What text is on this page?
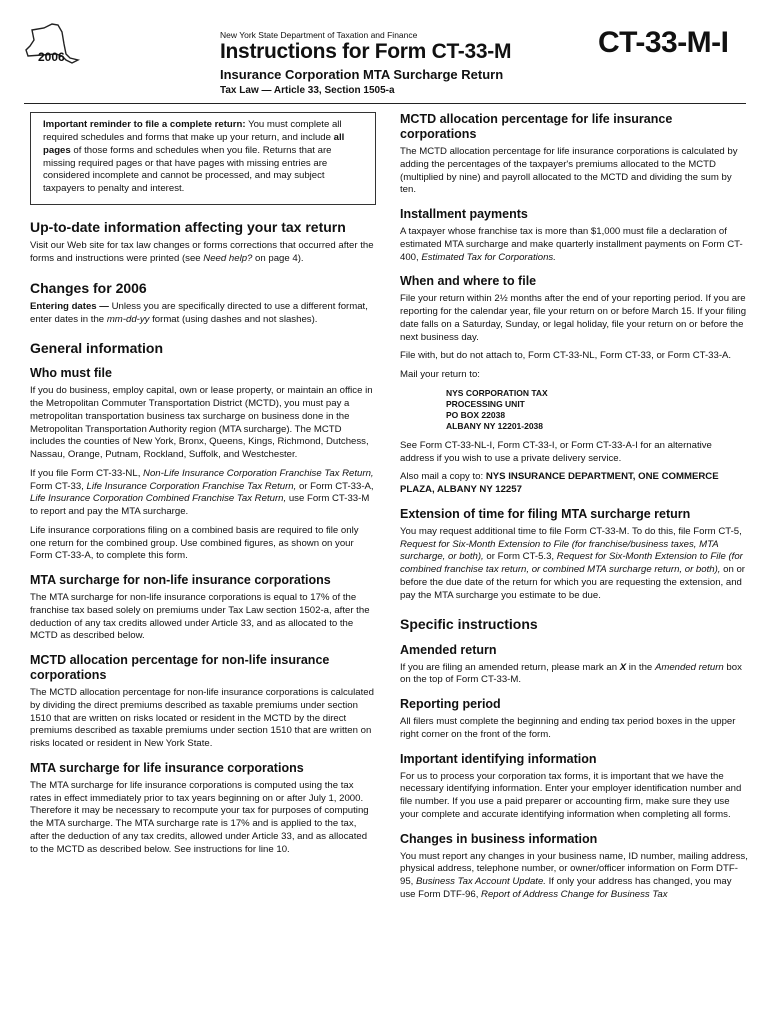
2006
New York State Department of Taxation and Finance
Instructions for Form CT-33-M	CT-33-M-I
Insurance Corporation MTA Surcharge Return
Tax Law — Article 33, Section 1505-a
Important reminder to file a complete return: You must complete all required schedules and forms that make up your return, and include all pages of those forms and schedules when you file. Returns that are missing required pages or that have pages with missing entries are considered incomplete and cannot be processed, and may subject taxpayers to penalty and interest.
Up-to-date information affecting your tax return

Visit our Web site for tax law changes or forms corrections that occurred after the forms and instructions were printed (see Need help? on page 4).

Changes for 2006

Entering dates — Unless you are specifically directed to use a different format, enter dates in the mm-dd-yy format (using dashes and not slashes).

General information
Who must file

If you do business, employ capital, own or lease property, or maintain an office in the Metropolitan Commuter Transportation District (MCTD), you must pay a metropolitan transportation business tax surcharge on business done in the Metropolitan Transportation Authority region (MTA surcharge). The MCTD includes the counties of New York, Bronx, Queens, Kings, Richmond, Dutchess, Nassau, Orange, Putnam, Rockland, Suffolk, and Westchester.

If you file Form CT-33-NL, Non-Life Insurance Corporation Franchise Tax Return, Form CT-33, Life Insurance Corporation Franchise Tax Return, or Form CT-33-A, Life Insurance Corporation Combined Franchise Tax Return, use Form CT-33-M to report and pay the MTA surcharge.

Life insurance corporations filing on a combined basis are required to file only one return for the combined group. Use combined figures, as shown on your Form CT-33-A, to complete this form.

MTA surcharge for non-life insurance corporations

The MTA surcharge for non-life insurance corporations is equal to 17% of the franchise tax based solely on premiums under Tax Law section 1502-a, after the deduction of any tax credits allowed under Article 33, and as allocated to the MCTD as described below.

MCTD allocation percentage for non-life insurance corporations

The MCTD allocation percentage for non-life insurance corporations is calculated by dividing the direct premiums described as taxable premiums under section 1510 that are written on risks located or resident in the MCTD by the direct premiums described as taxable premiums under section 1510 that are written on risks located or resident in New York State.

MTA surcharge for life insurance corporations

The MTA surcharge for life insurance corporations is computed using the tax rates in effect immediately prior to tax years beginning on or after July 1, 2000. Therefore it may be necessary to recompute your tax for purposes of computing the MTA surcharge. The MTA surcharge rate is 17% and is applied to the tax, after the deduction of any tax credits, allowed under Article 33, and as allocated to the MCTD as described below. See instructions for line 10.

MCTD allocation percentage for life insurance corporations

The MCTD allocation percentage for life insurance corporations is calculated by adding the percentages of the taxpayer's premiums allocated to the MCTD (multiplied by nine) and payroll allocated to the MCTD and dividing the sum by ten.

Installment payments

A taxpayer whose franchise tax is more than $1,000 must file a declaration of estimated MTA surcharge and make quarterly installment payments on Form CT-400, Estimated Tax for Corporations.

When and where to file

File your return within 2½ months after the end of your reporting period. If you are reporting for the calendar year, file your return on or before March 15. If your filing date falls on a Saturday, Sunday, or legal holiday, file your return on or before the next business day.

File with, but do not attach to, Form CT-33-NL, Form CT-33, or Form CT-33-A.

Mail your return to:

NYS CORPORATION TAX
PROCESSING UNIT
PO BOX 22038
ALBANY NY 12201-2038

See Form CT-33-NL-I, Form CT-33-I, or Form CT-33-A-I for an alternative address if you wish to use a private delivery service.

Also mail a copy to: NYS INSURANCE DEPARTMENT, ONE COMMERCE PLAZA, ALBANY NY 12257

Extension of time for filing MTA surcharge return

You may request additional time to file Form CT-33-M. To do this, file Form CT-5, Request for Six-Month Extension to File (for franchise/business taxes, MTA surcharge, or both), or Form CT-5.3, Request for Six-Month Extension to File (for combined franchise tax return, or combined MTA surcharge return, or both), on or before the due date of the return for which you are requesting the extension, and pay the MTA surcharge you estimate to be due.

Specific instructions
Amended return

If you are filing an amended return, please mark an X in the Amended return box on the top of Form CT-33-M.

Reporting period

All filers must complete the beginning and ending tax period boxes in the upper right corner on the front of the form.

Important identifying information

For us to process your corporation tax forms, it is important that we have the necessary identifying information. Enter your employer identification number and file number. If you use a paid preparer or accounting firm, make sure they use your complete and accurate identifying information when completing all forms.

Changes in business information

You must report any changes in your business name, ID number, mailing address, physical address, telephone number, or owner/officer information on Form DTF-95, Business Tax Account Update. If only your address has changed, you may use Form DTF-96, Report of Address Change for Business Tax
